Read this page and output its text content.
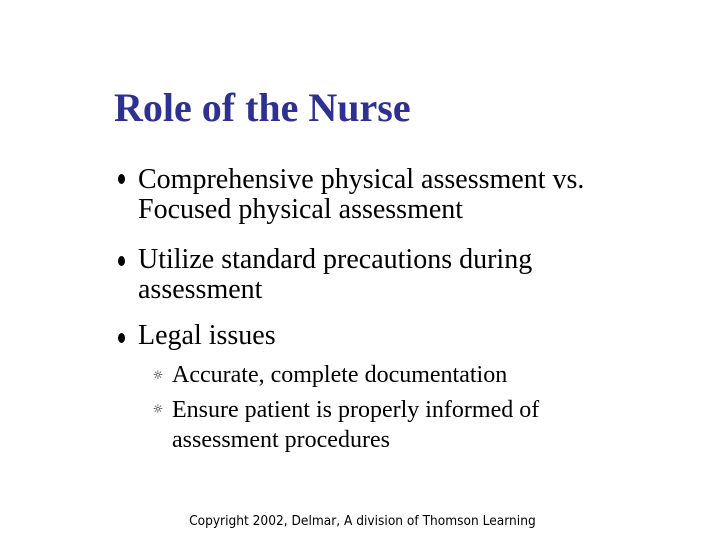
Role of the Nurse
Comprehensive physical assessment vs. Focused physical assessment
Utilize standard precautions during assessment
Legal issues
☼ Accurate, complete documentation
☼ Ensure patient is properly informed of assessment procedures
Copyright 2002, Delmar, A division of Thomson Learning
